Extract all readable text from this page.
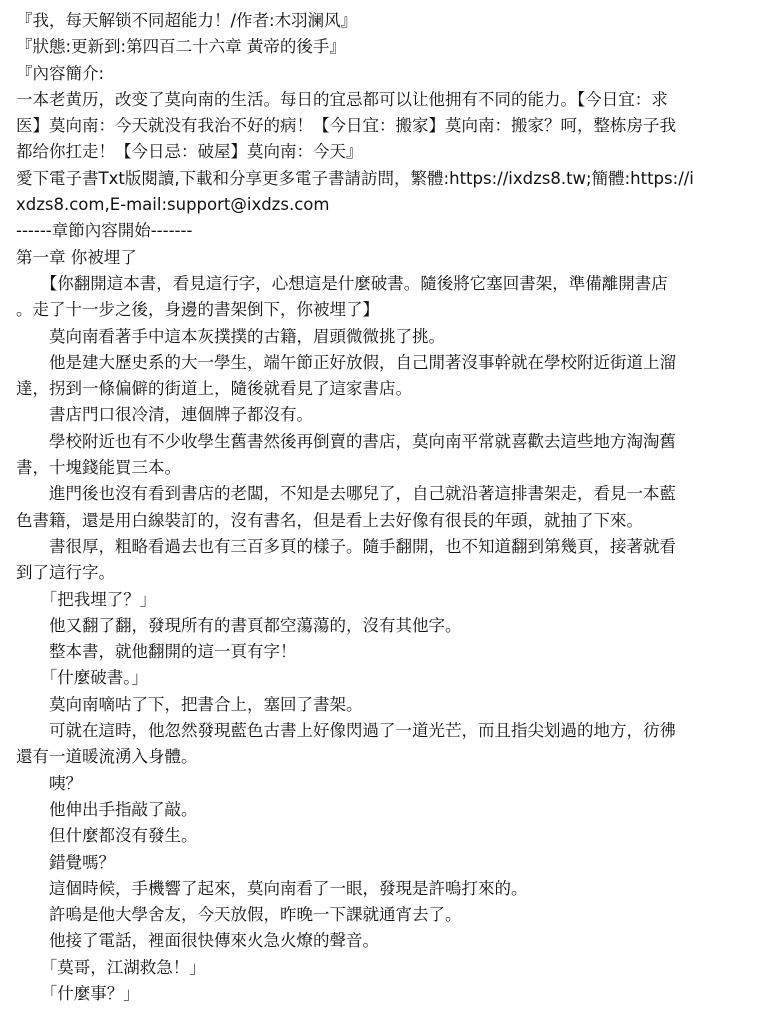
『我，每天解锁不同超能力！/作者:木羽澜风』
『狀態:更新到:第四百二十六章 黃帝的後手』
『內容簡介:
一本老黄历，改变了莫向南的生活。每日的宜忌都可以让他拥有不同的能力。【今日宜：求
医】莫向南：今天就没有我治不好的病！【今日宜：搬家】莫向南：搬家？呵，整栋房子我
都给你扛走！【今日忌：破屋】莫向南：今天』
愛下電子書Txt版閱讀,下載和分享更多電子書請訪問，繁體:https://ixdzs8.tw;簡體:https://i
xdzs8.com,E-mail:support@ixdzs.com
------章節內容開始-------
第一章 你被埋了
　　【你翻開這本書，看見這行字，心想這是什麼破書。隨後將它塞回書架，準備離開書店
。走了十一步之後，身邊的書架倒下，你被埋了】
　　莫向南看著手中這本灰撲撲的古籍，眉頭微微挑了挑。
　　他是建大歷史系的大一學生，端午節正好放假，自己閒著沒事幹就在學校附近街道上溜
達，拐到一條偏僻的街道上，隨後就看見了這家書店。
　　書店門口很冷清，連個牌子都沒有。
　　學校附近也有不少收學生舊書然後再倒賣的書店，莫向南平常就喜歡去這些地方淘淘舊
書，十塊錢能買三本。
　　進門後也沒有看到書店的老闆，不知是去哪兒了，自己就沿著這排書架走，看見一本藍
色書籍，還是用白線裝訂的，沒有書名，但是看上去好像有很長的年頭，就抽了下來。
　　書很厚，粗略看過去也有三百多頁的樣子。隨手翻開，也不知道翻到第幾頁，接著就看
到了這行字。
　　「把我埋了？」
　　他又翻了翻，發現所有的書頁都空蕩蕩的，沒有其他字。
　　整本書，就他翻開的這一頁有字！
　　「什麼破書。」
　　莫向南嘀咕了下，把書合上，塞回了書架。
　　可就在這時，他忽然發現藍色古書上好像閃過了一道光芒，而且指尖划過的地方，彷彿
還有一道暖流湧入身體。
　　咦？
　　他伸出手指敲了敲。
　　但什麼都沒有發生。
　　錯覺嗎？
　　這個時候，手機響了起來，莫向南看了一眼，發現是許嗚打來的。
　　許嗚是他大學舍友，今天放假，昨晚一下課就通宵去了。
　　他接了電話，裡面很快傳來火急火燎的聲音。
　　「莫哥，江湖救急！」
　　「什麼事？」
